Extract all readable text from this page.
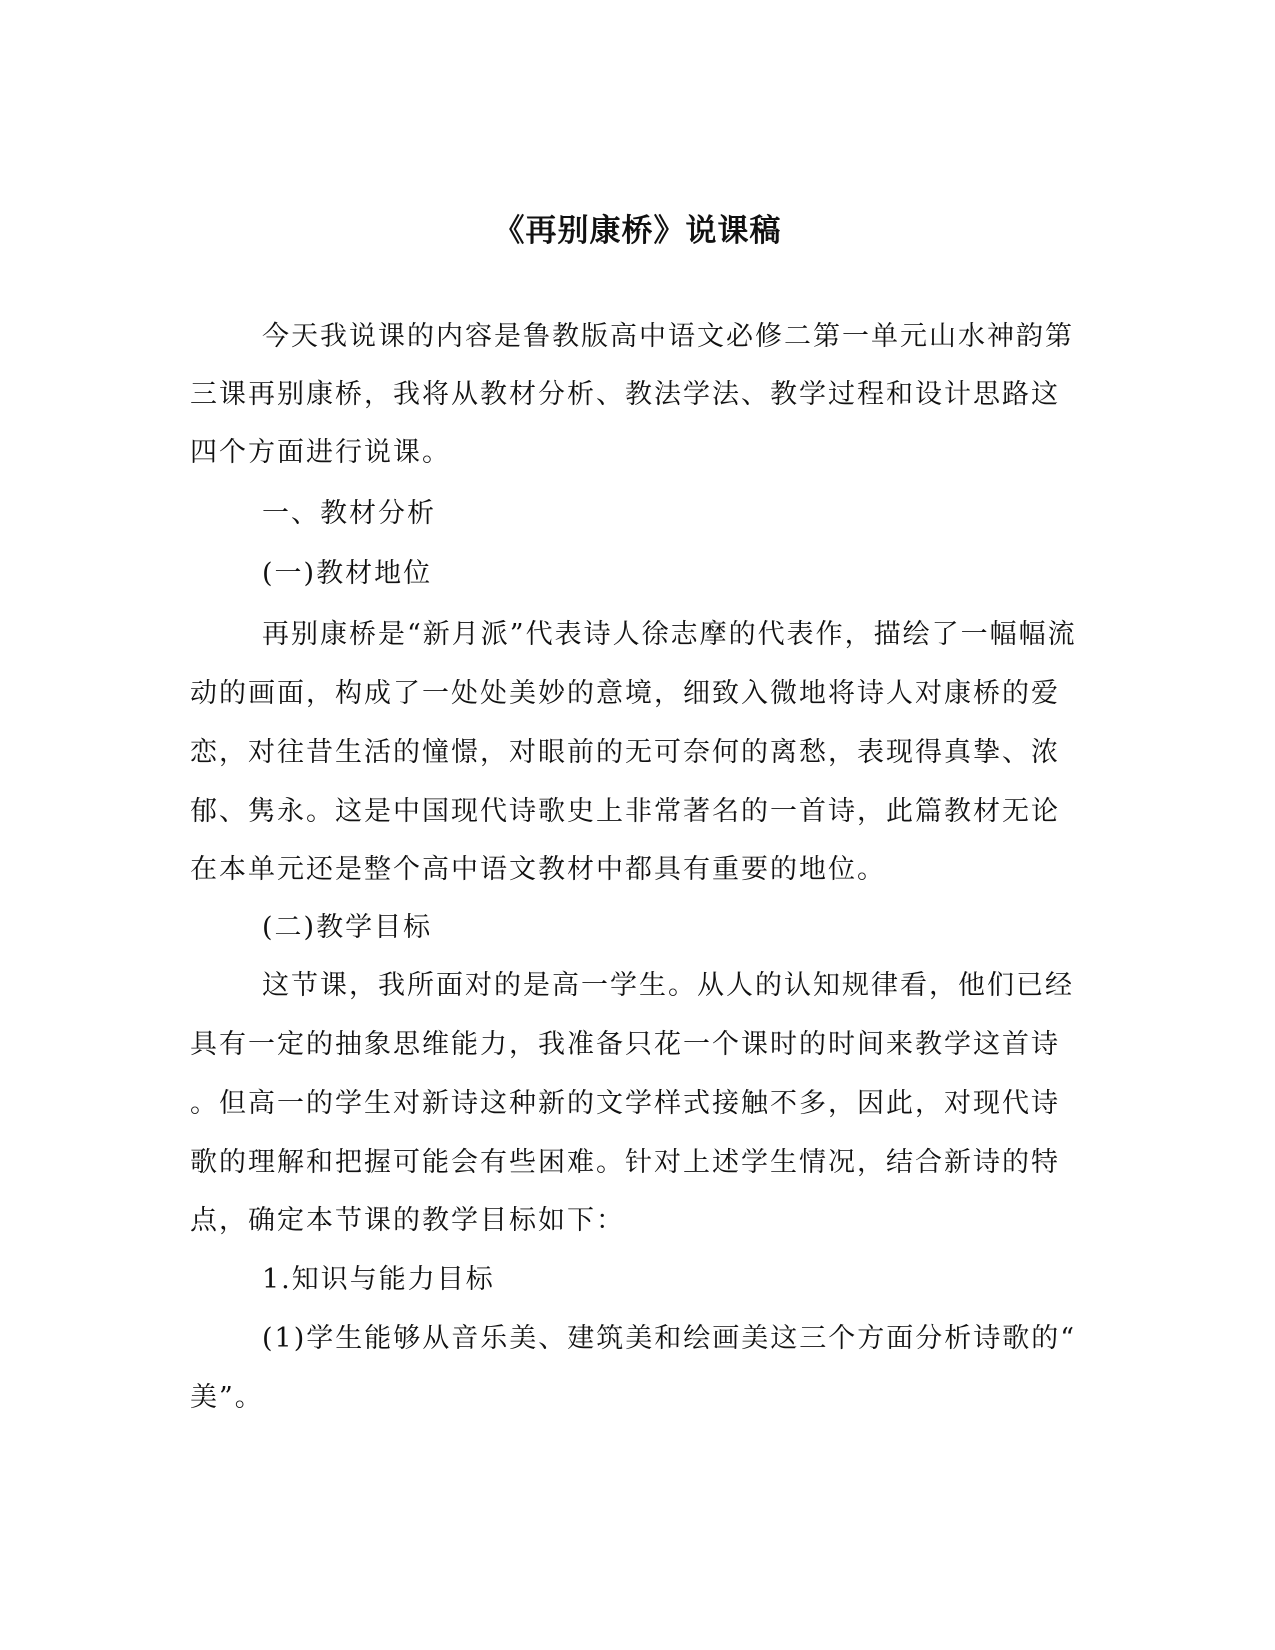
《再别康桥》说课稿
今天我说课的内容是鲁教版高中语文必修二第一单元山水神韵第
三课再别康桥，我将从教材分析、教法学法、教学过程和设计思路这
四个方面进行说课。
一、教材分析
(一)教材地位
再别康桥是“新月派”代表诗人徐志摩的代表作，描绘了一幅幅流
动的画面，构成了一处处美妙的意境，细致入微地将诗人对康桥的爱
恋，对往昔生活的憧憬，对眼前的无可奈何的离愁，表现得真挚、浓
郁、隽永。这是中国现代诗歌史上非常著名的一首诗，此篇教材无论
在本单元还是整个高中语文教材中都具有重要的地位。
(二)教学目标
这节课，我所面对的是高一学生。从人的认知规律看，他们已经
具有一定的抽象思维能力，我准备只花一个课时的时间来教学这首诗
。但高一的学生对新诗这种新的文学样式接触不多，因此，对现代诗
歌的理解和把握可能会有些困难。针对上述学生情况，结合新诗的特
点，确定本节课的教学目标如下：
1.知识与能力目标
(1)学生能够从音乐美、建筑美和绘画美这三个方面分析诗歌的“
美”。
